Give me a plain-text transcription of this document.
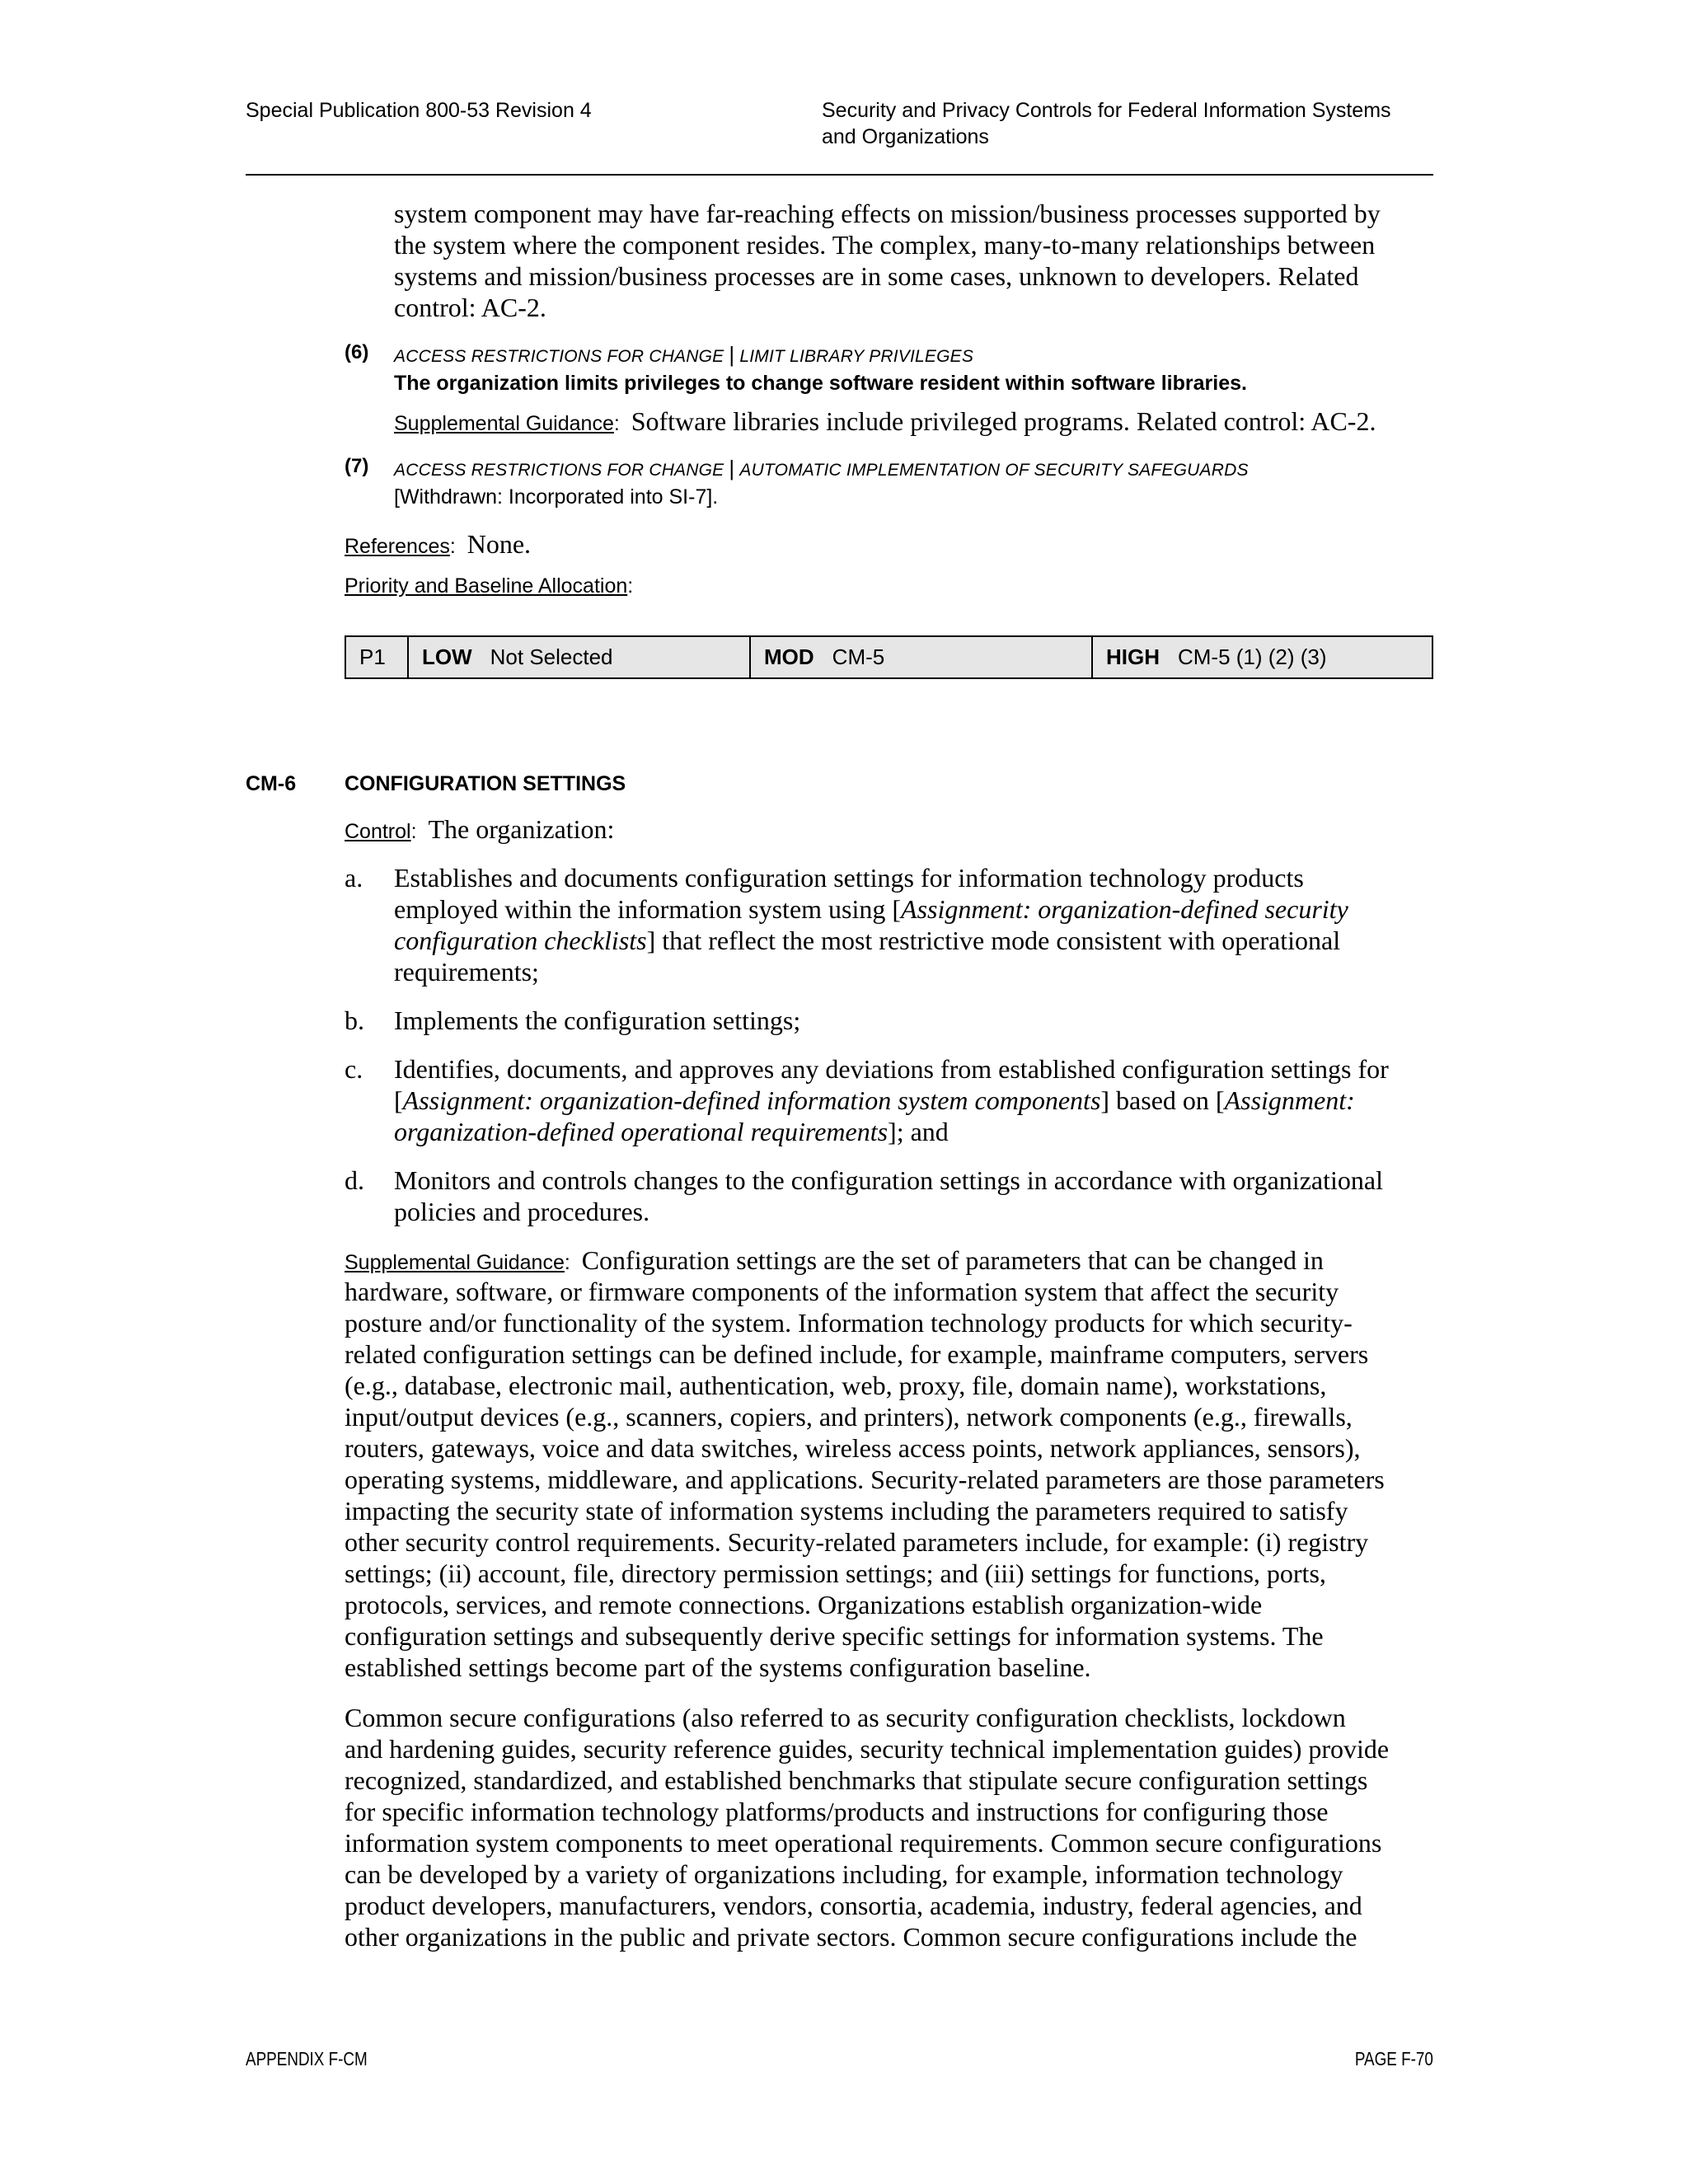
Special Publication 800-53 Revision 4	Security and Privacy Controls for Federal Information Systems
and Organizations
system component may have far-reaching effects on mission/business processes supported by
the system where the component resides. The complex, many-to-many relationships between
systems and mission/business processes are in some cases, unknown to developers. Related
control: AC-2.
(6) ACCESS RESTRICTIONS FOR CHANGE | LIMIT LIBRARY PRIVILEGES
The organization limits privileges to change software resident within software libraries.
Supplemental Guidance:  Software libraries include privileged programs. Related control: AC-2.
(7) ACCESS RESTRICTIONS FOR CHANGE | AUTOMATIC IMPLEMENTATION OF SECURITY SAFEGUARDS
[Withdrawn: Incorporated into SI-7].
References:  None.
Priority and Baseline Allocation:
P1 LOW Not Selected	MOD CM-5	HIGH CM-5 (1) (2) (3)
CM-6 CONFIGURATION SETTINGS
Control:  The organization:
a. Establishes and documents configuration settings for information technology products
employed within the information system using [Assignment: organization-defined security
configuration checklists] that reflect the most restrictive mode consistent with operational
requirements;
b. Implements the configuration settings;
c. Identifies, documents, and approves any deviations from established configuration settings for
[Assignment: organization-defined information system components] based on [Assignment:
organization-defined operational requirements]; and
d. Monitors and controls changes to the configuration settings in accordance with organizational
policies and procedures.
Supplemental Guidance:  Configuration settings are the set of parameters that can be changed in
hardware, software, or firmware components of the information system that affect the security
posture and/or functionality of the system. Information technology products for which security-
related configuration settings can be defined include, for example, mainframe computers, servers
(e.g., database, electronic mail, authentication, web, proxy, file, domain name), workstations,
input/output devices (e.g., scanners, copiers, and printers), network components (e.g., firewalls,
routers, gateways, voice and data switches, wireless access points, network appliances, sensors),
operating systems, middleware, and applications. Security-related parameters are those parameters
impacting the security state of information systems including the parameters required to satisfy
other security control requirements. Security-related parameters include, for example: (i) registry
settings; (ii) account, file, directory permission settings; and (iii) settings for functions, ports,
protocols, services, and remote connections. Organizations establish organization-wide
configuration settings and subsequently derive specific settings for information systems. The
established settings become part of the systems configuration baseline.
Common secure configurations (also referred to as security configuration checklists, lockdown
and hardening guides, security reference guides, security technical implementation guides) provide
recognized, standardized, and established benchmarks that stipulate secure configuration settings
for specific information technology platforms/products and instructions for configuring those
information system components to meet operational requirements. Common secure configurations
can be developed by a variety of organizations including, for example, information technology
product developers, manufacturers, vendors, consortia, academia, industry, federal agencies, and
other organizations in the public and private sectors. Common secure configurations include the
APPENDIX F-CM	PAGE F-70
